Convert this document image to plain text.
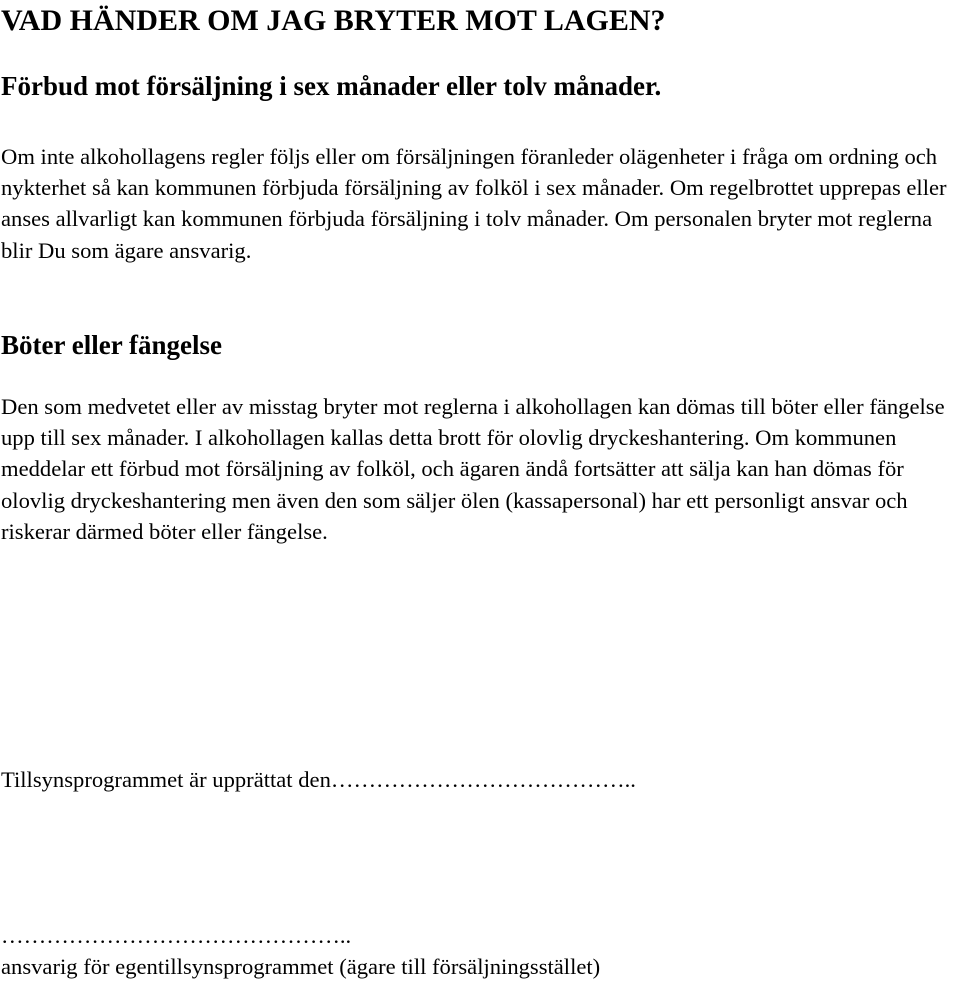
VAD HÄNDER OM JAG BRYTER MOT LAGEN?
Förbud mot försäljning i sex månader eller tolv månader.

Om inte alkohollagens regler följs eller om försäljningen föranleder olägenheter i fråga om ordning och nykterhet så kan kommunen förbjuda försäljning av folköl i sex månader. Om regelbrottet upprepas eller anses allvarligt kan kommunen förbjuda försäljning i tolv månader. Om personalen bryter mot reglerna blir Du som ägare ansvarig.

Böter eller fängelse

Den som medvetet eller av misstag bryter mot reglerna i alkohollagen kan dömas till böter eller fängelse upp till sex månader. I alkohollagen kallas detta brott för olovlig dryckeshantering. Om kommunen meddelar ett förbud mot försäljning av folköl, och ägaren ändå fortsätter att sälja kan han dömas för olovlig dryckeshantering men även den som säljer ölen (kassapersonal) har ett personligt ansvar och riskerar därmed böter eller fängelse.

Tillsynsprogrammet är upprättat den…………………………………..
………………………………………..
ansvarig för egentillsynsprogrammet (ägare till försäljningsstället)
